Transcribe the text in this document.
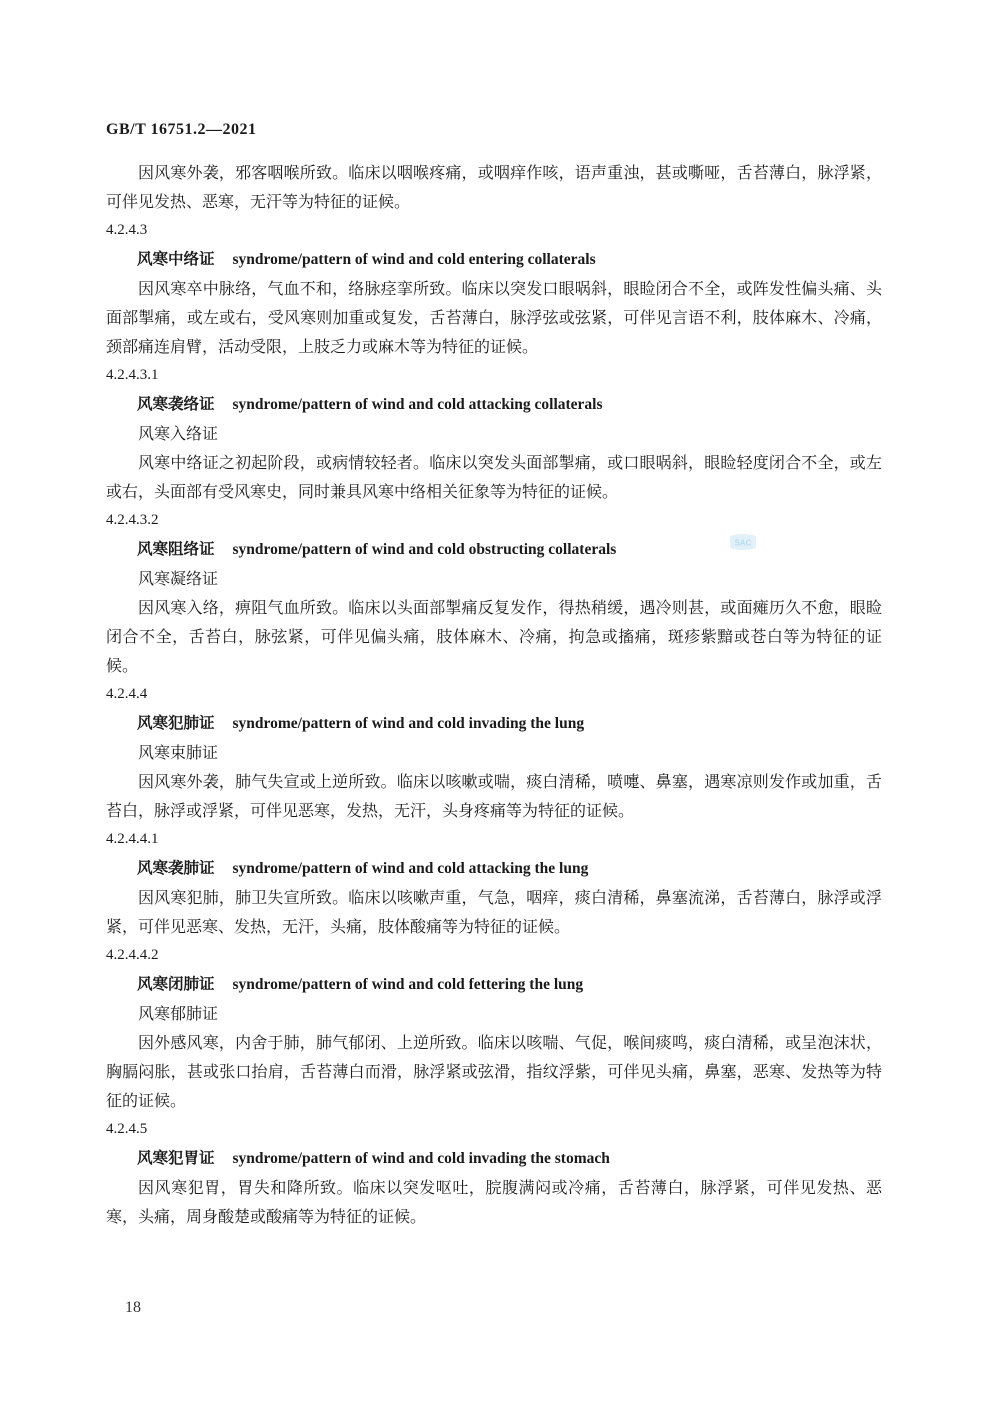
GB/T 16751.2—2021

因风寒外袭，邪客咽喉所致。临床以咽喉疼痛，或咽痒作咳，语声重浊，甚或嘶哑，舌苔薄白，脉浮紧，可伴见发热、恶寒，无汗等为特征的证候。

4.2.4.3

风寒中络证 syndrome/pattern of wind and cold entering collaterals

因风寒卒中脉络，气血不和，络脉痉挛所致。临床以突发口眼㖞斜，眼睑闭合不全，或阵发性偏头痛、头面部掣痛，或左或右，受风寒则加重或复发，舌苔薄白，脉浮弦或弦紧，可伴见言语不利，肢体麻木、冷痛，颈部痛连肩臂，活动受限，上肢乏力或麻木等为特征的证候。

4.2.4.3.1

风寒袭络证 syndrome/pattern of wind and cold attacking collaterals

风寒入络证

风寒中络证之初起阶段，或病情较轻者。临床以突发头面部掣痛，或口眼㖞斜，眼睑轻度闭合不全，或左或右，头面部有受风寒史，同时兼具风寒中络相关征象等为特征的证候。

4.2.4.3.2

风寒阻络证 syndrome/pattern of wind and cold obstructing collaterals

风寒凝络证

因风寒入络，痹阻气血所致。临床以头面部掣痛反复发作，得热稍缓，遇冷则甚，或面瘫历久不愈，眼睑闭合不全，舌苔白，脉弦紧，可伴见偏头痛，肢体麻木、冷痛，拘急或搐痛，斑疹紫黯或苍白等为特征的证候。

4.2.4.4

风寒犯肺证 syndrome/pattern of wind and cold invading the lung

风寒束肺证

因风寒外袭，肺气失宣或上逆所致。临床以咳嗽或喘，痰白清稀，喷嚏、鼻塞，遇寒凉则发作或加重，舌苔白，脉浮或浮紧，可伴见恶寒，发热，无汗，头身疼痛等为特征的证候。

4.2.4.4.1

风寒袭肺证 syndrome/pattern of wind and cold attacking the lung

因风寒犯肺，肺卫失宣所致。临床以咳嗽声重，气急，咽痒，痰白清稀，鼻塞流涕，舌苔薄白，脉浮或浮紧，可伴见恶寒、发热，无汗，头痛，肢体酸痛等为特征的证候。

4.2.4.4.2

风寒闭肺证 syndrome/pattern of wind and cold fettering the lung

风寒郁肺证

因外感风寒，内舍于肺，肺气郁闭、上逆所致。临床以咳喘、气促，喉间痰鸣，痰白清稀，或呈泡沫状，胸膈闷胀，甚或张口抬肩，舌苔薄白而滑，脉浮紧或弦滑，指纹浮紫，可伴见头痛，鼻塞，恶寒、发热等为特征的证候。

4.2.4.5

风寒犯胃证 syndrome/pattern of wind and cold invading the stomach

因风寒犯胃，胃失和降所致。临床以突发呕吐，脘腹满闷或冷痛，舌苔薄白，脉浮紧，可伴见发热、恶寒，头痛，周身酸楚或酸痛等为特征的证候。

SAC
18
